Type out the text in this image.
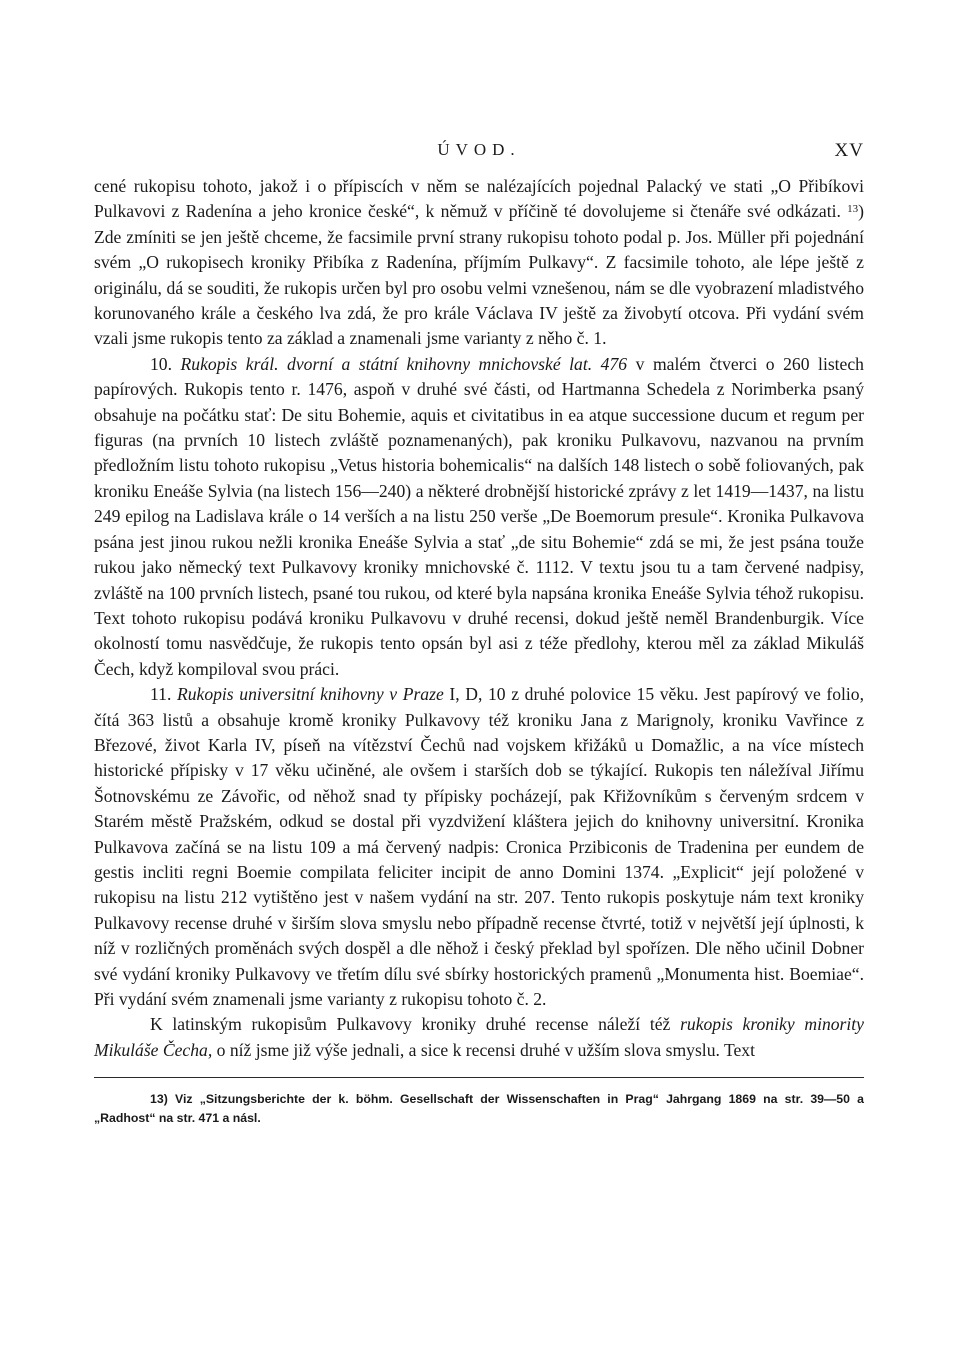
ÚVOD.	XV

cené rukopisu tohoto, jakož i o přípiscích v něm se nalézajících pojednal Palacký ve stati „O Přibíkovi Pulkavovi z Radenína a jeho kronice české“, k němuž v příčině té dovolujeme si čtenáře své odkázati. $^{13}$) Zde zmíniti se jen ještě chceme, že facsimile první strany rukopisu tohoto podal p. Jos. Müller při pojednání svém „O rukopisech kroniky Přibíka z Radenína, příjmím Pulkavy“. Z facsimile tohoto, ale lépe ještě z originálu, dá se souditi, že rukopis určen byl pro osobu velmi vznešenou, nám se dle vyobrazení mladistvého korunovaného krále a českého lva zdá, že pro krále Václava IV ještě za živobytí otcova. Při vydání svém vzali jsme rukopis tento za základ a znamenali jsme varianty z něho č. 1.

10. Rukopis král. dvorní a státní knihovny mnichovské lat. 476 v malém čtverci o 260 listech papírových. Rukopis tento r. 1476, aspoň v druhé své části, od Hartmanna Schedela z Norimberka psaný obsahuje na počátku stať: De situ Bohemie, aquis et civitatibus in ea atque successione ducum et regum per figuras (na prvních 10 listech zvláště poznamenaných), pak kroniku Pulkavovu, nazvanou na prvním předložním listu tohoto rukopisu „Vetus historia bohemicalis“ na dalších 148 listech o sobě foliovaných, pak kroniku Eneáše Sylvia (na listech 156—240) a některé drobnější historické zprávy z let 1419—1437, na listu 249 epilog na Ladislava krále o 14 verších a na listu 250 verše „De Boemorum presule“. Kronika Pulkavova psána jest jinou rukou nežli kronika Eneáše Sylvia a stať „de situ Bohemie“ zdá se mi, že jest psána touže rukou jako německý text Pulkavovy kroniky mnichovské č. 1112. V textu jsou tu a tam červené nadpisy, zvláště na 100 prvních listech, psané tou rukou, od které byla napsána kronika Eneáše Sylvia téhož rukopisu. Text tohoto rukopisu podává kroniku Pulkavovu v druhé recensi, dokud ještě neměl Brandenburgik. Více okolností tomu nasvědčuje, že rukopis tento opsán byl asi z téže předlohy, kterou měl za základ Mikuláš Čech, když kompiloval svou práci.

11. Rukopis universitní knihovny v Praze I, D, 10 z druhé polovice 15 věku. Jest papírový ve folio, čítá 363 listů a obsahuje kromě kroniky Pulkavovy též kroniku Jana z Marignoly, kroniku Vavřince z Březové, život Karla IV, píseň na vítězství Čechů nad vojskem křižáků u Domažlic, a na více místech historické přípisky v 17 věku učiněné, ale ovšem i starších dob se týkající. Rukopis ten náležíval Jiřímu Šotnovskému ze Závořic, od něhož snad ty přípisky pocházejí, pak Křižovníkům s červeným srdcem v Starém městě Pražském, odkud se dostal při vyzdvižení kláštera jejich do knihovny universitní. Kronika Pulkavova začíná se na listu 109 a má červený nadpis: Cronica Przibiconis de Tradenina per eundem de gestis incliti regni Boemie compilata feliciter incipit de anno Domini 1374. „Explicit“ její položené v rukopisu na listu 212 vytištěno jest v našem vydání na str. 207. Tento rukopis poskytuje nám text kroniky Pulkavovy recense druhé v širším slova smyslu nebo případně recense čtvrté, totiž v největší její úplnosti, k níž v rozličných proměnách svých dospěl a dle něhož i český překlad byl spořízen. Dle něho učinil Dobner své vydání kroniky Pulkavovy ve třetím dílu své sbírky hostorických pramenů „Monumenta hist. Boemiae“. Při vydání svém znamenali jsme varianty z rukopisu tohoto č. 2.

K latinským rukopisům Pulkavovy kroniky druhé recense náleží též rukopis kroniky minority Mikuláše Čecha, o níž jsme již výše jednali, a sice k recensi druhé v užším slova smyslu. Text

13) Viz „Sitzungsberichte der k. böhm. Gesellschaft der Wissenschaften in Prag“ Jahrgang 1869 na str. 39—50 a „Radhost“ na str. 471 a násl.
